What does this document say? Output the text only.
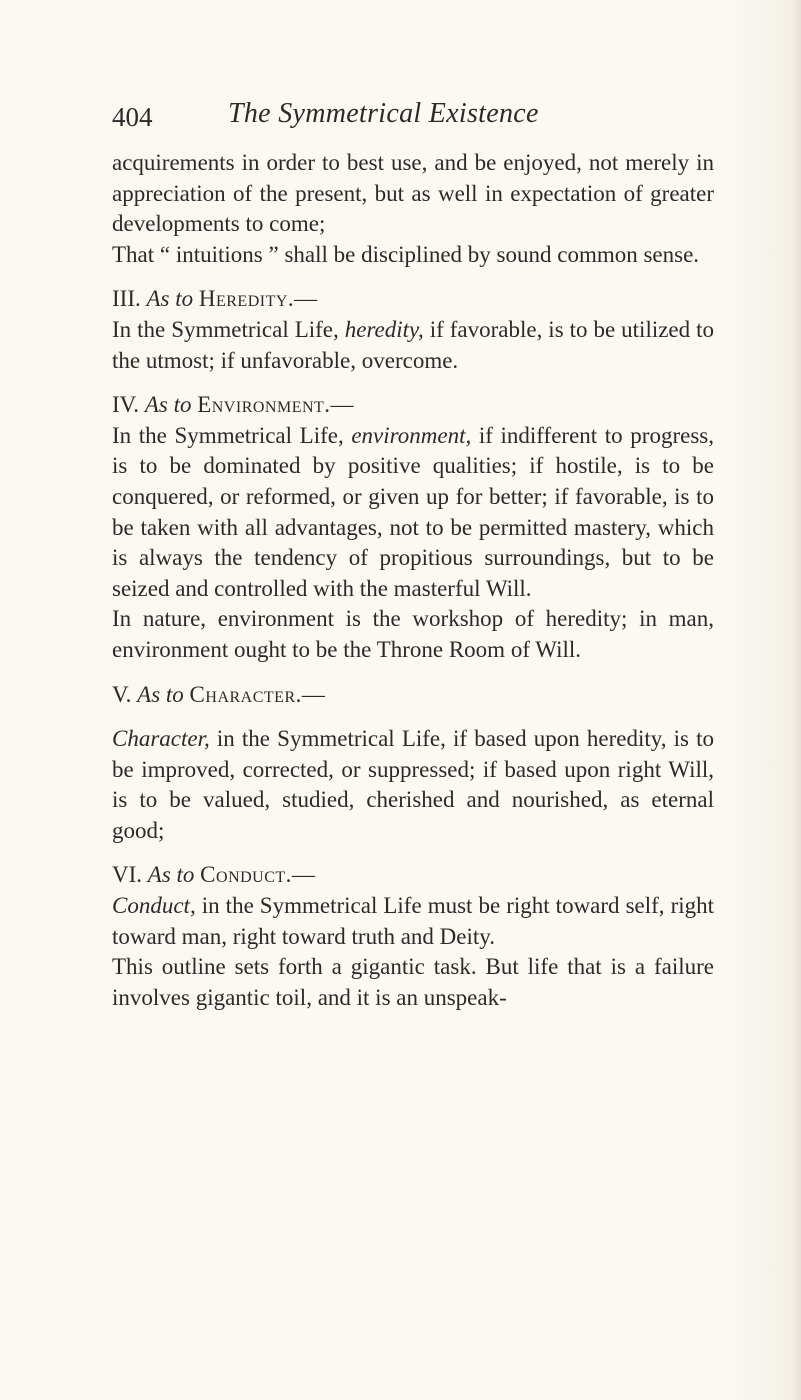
404	The Symmetrical Existence

acquirements in order to best use, and be enjoyed, not merely in appreciation of the present, but as well in expectation of greater developments to come;

That “ intuitions ” shall be disciplined by sound common sense.

III. As to Heredity.—

In the Symmetrical Life, heredity, if favorable, is to be utilized to the utmost; if unfavorable, overcome.

IV. As to Environment.—

In the Symmetrical Life, environment, if indifferent to progress, is to be dominated by positive qualities; if hostile, is to be conquered, or reformed, or given up for better; if favorable, is to be taken with all advantages, not to be permitted mastery, which is always the tendency of propitious surroundings, but to be seized and controlled with the masterful Will.

In nature, environment is the workshop of heredity; in man, environment ought to be the Throne Room of Will.

V. As to Character.—

Character, in the Symmetrical Life, if based upon heredity, is to be improved, corrected, or suppressed; if based upon right Will, is to be valued, studied, cherished and nourished, as eternal good;

VI. As to Conduct.—

Conduct, in the Symmetrical Life must be right toward self, right toward man, right toward truth and Deity.

This outline sets forth a gigantic task. But life that is a failure involves gigantic toil, and it is an unspeak-
